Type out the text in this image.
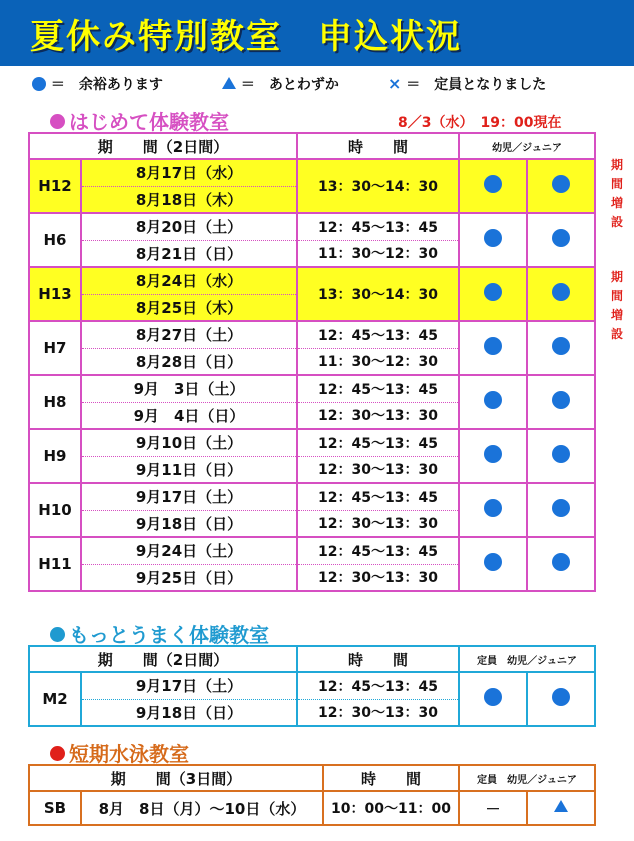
夏休み特別教室　申込状況
＝　余裕あります	＝　あとわずか	× ＝　定員となりました
はじめて体験教室	8／3（水）　19：00現在
期　　間（2日間）		時　　間	幼児／ジュニア	
H12	8月17日（水）	13：30～14：30		
	8月18日（木）			
H6	8月20日（土）	12：45～13：45		
	8月21日（日）	11：30～12：30		
H13	8月24日（水）	13：30～14：30		
	8月25日（木）			
H7	8月27日（土）	12：45～13：45		
	8月28日（日）	11：30～12：30		
H8	9月　3日（土）	12：45～13：45		
	9月　4日（日）	12：30～13：30		
H9	9月10日（土）	12：45～13：45		
	9月11日（日）	12：30～13：30		
H10	9月17日（土）	12：45～13：45		
	9月18日（日）	12：30～13：30		
H11	9月24日（土）	12：45～13：45		
	9月25日（日）	12：30～13：30		
期
間
増
設
期
間
増
設
もっとうまく体験教室
期　　間（2日間）		時　　間	定員　幼児／ジュニア	
M2	9月17日（土）	12：45～13：45		
	9月18日（日）	12：30～13：30		
短期水泳教室
期　　間（3日間）		時　　間	定員　幼児／ジュニア	
SB	8月　8日（月）～10日（水）	10：00～11：00	－	
